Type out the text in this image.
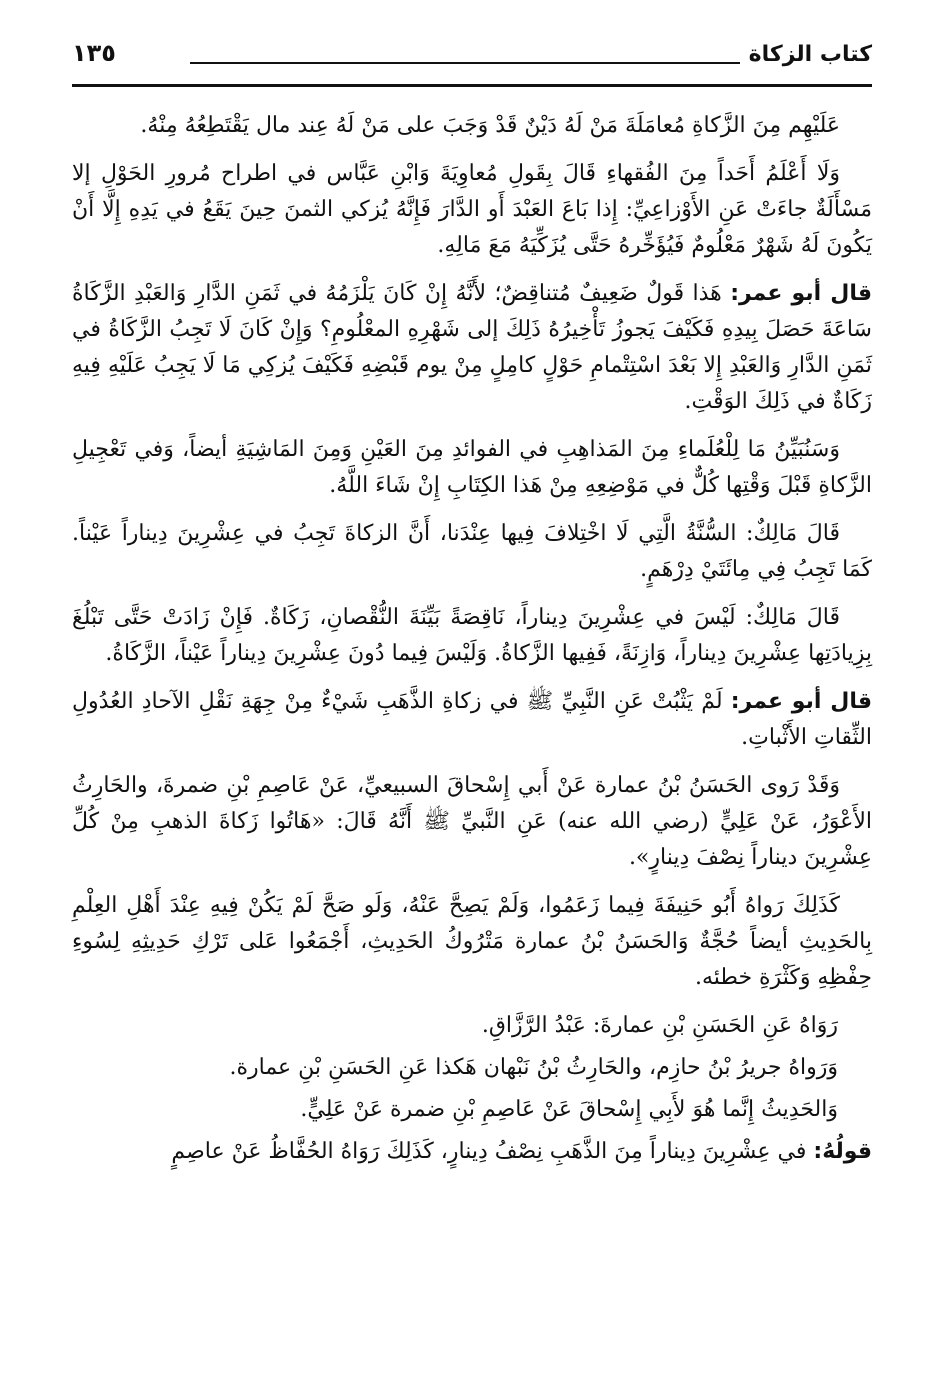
كتاب الزكاة
١٣٥

عَلَيْهِم مِنَ الزَّكاةِ مُعامَلَةَ مَنْ لَهُ دَيْنٌ قَدْ وَجَبَ على مَنْ لَهُ عِند مال يَقْتَطِعُهُ مِنْهُ.

وَلَا أَعْلَمُ أَحَداً مِنَ الفُقهاءِ قَالَ بِقَولِ مُعاوِيَةَ وَابْنِ عَبَّاس في اطراح مُرورِ الحَوْلِ إلا مَسْأَلَةٌ جاءَتْ عَنِ الأَوْزاعِيِّ: إِذا بَاعَ العَبْدَ أَو الدَّارَ فَإِنَّهُ يُزكي الثمنَ حِينَ يَقَعُ في يَدِهِ إِلَّا أَنْ يَكُونَ لَهُ شَهْرٌ مَعْلُومٌ فَيُؤَخِّرهُ حَتَّى يُزَكِّيَهُ مَعَ مَالِهِ.

قال أبو عمر: هَذا قَولٌ ضَعِيفٌ مُتناقِضٌ؛ لأَنَّهُ إِنْ كَانَ يَلْزَمُهُ في ثَمَنِ الدَّارِ وَالعَبْدِ الزَّكَاةُ سَاعَةَ حَصَلَ بِيدِهِ فَكَيْفَ يَجوزُ تَأْخِيرُهُ ذَلِكَ إلى شَهْرِهِ المعْلُومِ؟ وَإِنْ كَانَ لَا تَجِبُ الزَّكَاةُ في ثَمَنِ الدَّارِ وَالعَبْدِ إِلا بَعْدَ اسْتِتْمامِ حَوْلٍ كامِلٍ مِنْ يوم قَبْضِهِ فَكَيْفَ يُزكِي مَا لَا يَجِبُ عَلَيْهِ فِيهِ زَكَاةٌ في ذَلِكَ الوَقْتِ.

وَسَنُبَيِّنُ مَا لِلْعُلَماءِ مِنَ المَذاهِبِ في الفوائدِ مِنَ العَيْنِ وَمِنَ المَاشِيَةِ أيضاً، وَفي تَعْجِيلِ الزَّكاةِ قَبْلَ وَقْتِها كُلٌّ في مَوْضِعِهِ مِنْ هَذا الكِتَابِ إِنْ شَاءَ اللَّهُ.

قَالَ مَالِكٌ: السُّنَّةُ الَّتِي لَا اخْتِلافَ فِيها عِنْدَنا، أَنَّ الزكاةَ تَجِبُ في عِشْرِينَ دِيناراً عَيْناً. كَمَا تَجِبُ فِي مِائَتَيْ دِرْهَمٍ.

قَالَ مَالِكٌ: لَيْسَ في عِشْرِينَ دِيناراً، نَاقِصَةً بَيِّنَةَ النُّقْصانِ، زَكَاةٌ. فَإِنْ زَادَتْ حَتَّى تَبْلُغَ بِزِيادَتِها عِشْرِينَ دِيناراً، وَازِنَةً، فَفِيها الزَّكاةُ. وَلَيْسَ فِيما دُونَ عِشْرِينَ دِيناراً عَيْناً، الزَّكَاةُ.

قال أبو عمر: لَمْ يَثْبُتْ عَنِ النَّبِيِّ ﷺ في زكاةِ الذَّهَبِ شَيْءٌ مِنْ جِهَةِ نَقْلِ الآحادِ العُدُولِ الثِّقاتِ الأَثْباتِ.

وَقَدْ رَوى الحَسَنُ بْنُ عمارة عَنْ أَبي إِسْحاقَ السبيعيِّ، عَنْ عَاصِمِ بْنِ ضمرةَ، والحَارِثُ الأَعْوَرُ، عَنْ عَلِيٍّ (رضي الله عنه) عَنِ النَّبيِّ ﷺ أَنَّهُ قَالَ: «هَاتُوا زَكاةَ الذهبِ مِنْ كُلِّ عِشْرِينَ ديناراً نِصْفَ دِينارٍ».

كَذَلِكَ رَواهُ أَبُو حَنِيفَةَ فِيما زَعَمُوا، وَلَمْ يَصِحَّ عَنْهُ، وَلَو صَحَّ لَمْ يَكُنْ فِيهِ عِنْدَ أَهْلِ العِلْمِ بِالحَدِيثِ أيضاً حُجَّةٌ وَالحَسَنُ بْنُ عمارة مَتْرُوكُ الحَدِيثِ، أَجْمَعُوا عَلى تَرْكِ حَدِيثِهِ لِسُوءِ حِفْظِهِ وَكَثْرَةِ خطئه.

رَوَاهُ عَنِ الحَسَنِ بْنِ عمارةَ: عَبْدُ الرَّزَّاقِ.

وَرَواهُ جريرُ بْنُ حازِم، والحَارِثُ بْنُ نَبْهان هَكذا عَنِ الحَسَنِ بْنِ عمارة.

وَالحَدِيثُ إِنَّما هُوَ لأَبِي إِسْحاقَ عَنْ عَاصِمِ بْنِ ضمرة عَنْ عَلِيٍّ.

قولُهُ: في عِشْرِينَ دِيناراً مِنَ الذَّهَبِ نِصْفُ دِينارٍ، كَذَلِكَ رَوَاهُ الحُفَّاظُ عَنْ عاصِمٍ
